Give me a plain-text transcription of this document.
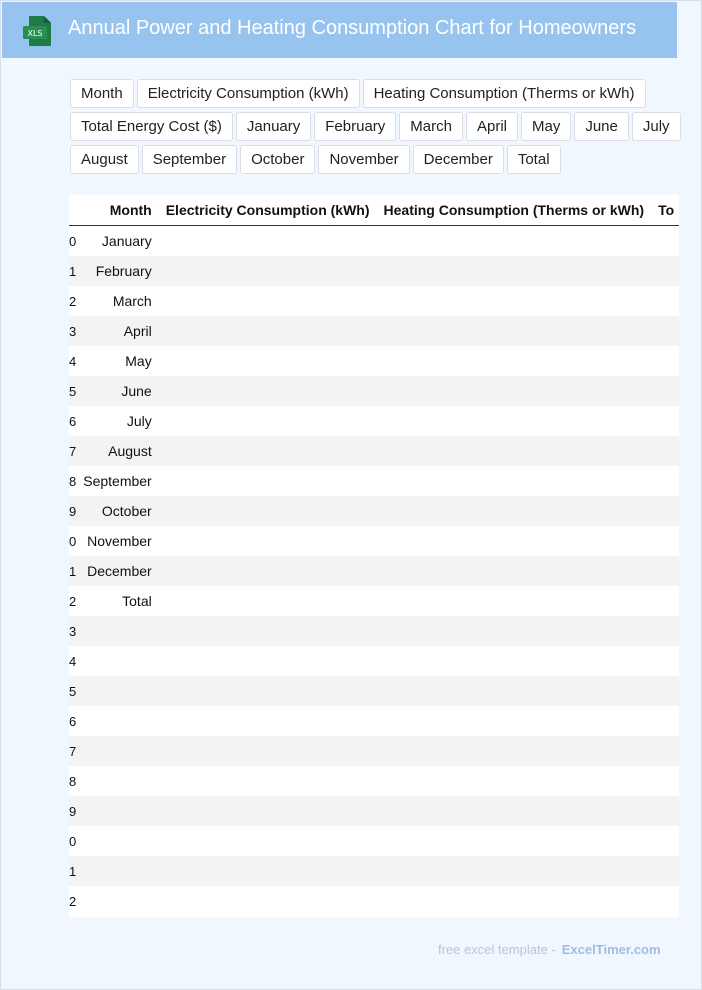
XLS Annual Power and Heating Consumption Chart for Homeowners
Month	Electricity Consumption (kWh)	Heating Consumption (Therms or kWh)
Total Energy Cost ($)	January	February	March	April	May	June	July
August	September	October	November	December	Total
	Month	Electricity Consumption (kWh)	Heating Consumption (Therms or kWh)	To
0	January			
1	February			
2	March			
3	April			
4	May			
5	June			
6	July			
7	August			
8	September			
9	October			
0	November			
1	December			
2	Total			
3				
4				
5				
6				
7				
8				
9				
0				
1				
2				
free excel template - ExcelTimer.com
